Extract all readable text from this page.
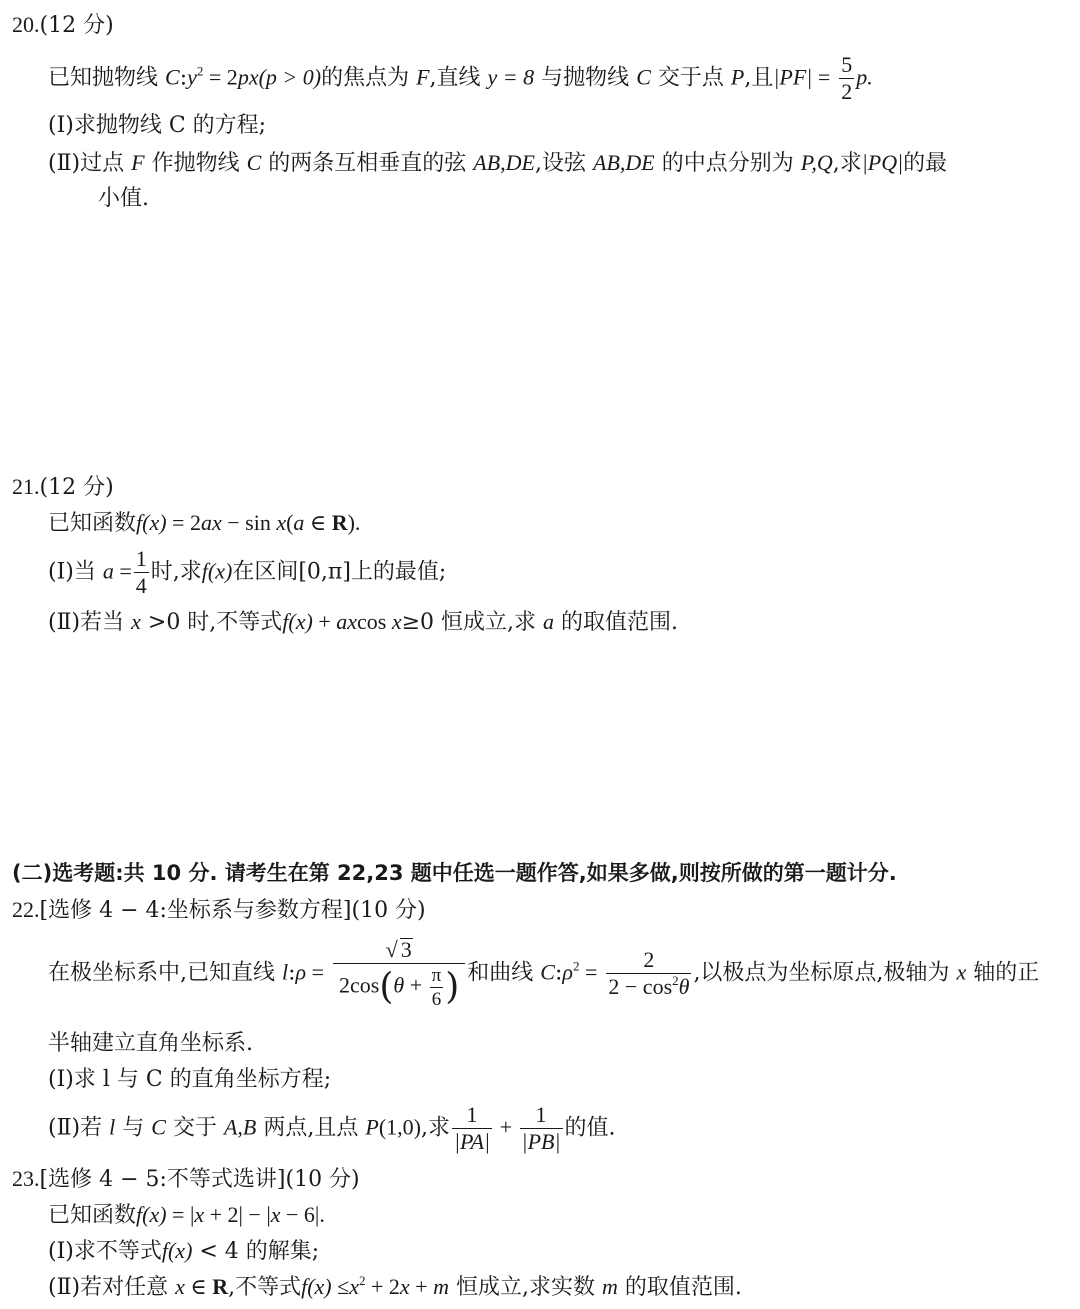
20.(12 分)
已知抛物线 $C:y^2 = 2px(p > 0)$的焦点为 F,直线 y = 8 与抛物线 C 交于点 P,且$|PF| = \frac{5}{2} p$.
(Ⅰ)求抛物线 C 的方程;
(Ⅱ)过点 F 作抛物线 C 的两条互相垂直的弦 AB,DE,设弦 AB,DE 的中点分别为 P,Q,求|PQ|的最
小值.
21.(12 分)
已知函数f(x) = 2ax − sin x(a ∈ R).
(Ⅰ)当 $a = \frac{1}{4}$ 时,求f(x)在区间[0,π]上的最值;
(Ⅱ)若当 x >0 时,不等式f(x) + axcos x≥0 恒成立,求 a 的取值范围.
(二)选考题:共 10 分. 请考生在第 22,23 题中任选一题作答,如果多做,则按所做的第一题计分.
22.[选修 4 − 4:坐标系与参数方程](10 分)
在极坐标系中,已知直线 l:ρ = $\frac{√ 3}{2\cos(\theta + \frac{\pi}{6} )}$ 和曲线 $C:\rho^2 = \frac{2}{2 - \cos^2\theta}$ ,以极点为坐标原点,极轴为 x 轴的正
半轴建立直角坐标系.
(Ⅰ)求 l 与 C 的直角坐标方程;
(Ⅱ)若 l 与 C 交于 A,B 两点,且点 P(1,0),求 $\frac{1}{|PA|} + \frac{1}{|PB|}$ 的值.
23.[选修 4 − 5:不等式选讲](10 分)
已知函数f(x) = |x + 2| − |x − 6|.
(Ⅰ)求不等式f(x) < 4 的解集;
(Ⅱ)若对任意 x ∈ R,不等式$f(x) \le x^2 + 2x + m$ 恒成立,求实数 m 的取值范围.
